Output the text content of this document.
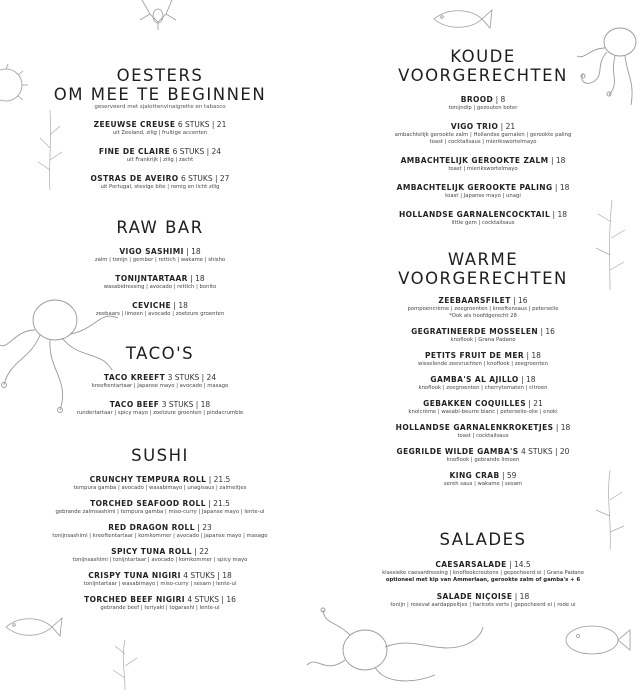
OESTERS
OM MEE TE BEGINNEN
geserveerd met sjalottenvinaigrette en tabasco
ZEEUWSE CREUSE 6 STUKS | 21
uit Zeeland, zilig | fruitige accenten
FINE DE CLAIRE 6 STUKS | 24
uit Frankrijk | zilig | zacht
OSTRAS DE AVEIRO 6 STUKS | 27
uit Portugal, stevige bite | romig en licht zilig
RAW BAR
VIGO SASHIMI | 18
zalm | tonijn | gember | rettich | wakame | shisho
TONIJNTARTAAR | 18
wasabidressing | avocado | rettich | bonito
CEVICHE | 18
zeebaars | limoen | avocado | zoetzure groenten
TACO'S
TACO KREEFT 3 STUKS | 24
kreeftentartaar | Japanse mayo | avocado | masago
TACO BEEF 3 STUKS | 18
rundertartaar | spicy mayo | zoetzure groenten | pindacrumble
SUSHI
CRUNCHY TEMPURA ROLL | 21.5
tempura gamba | avocado | wasabimayo | unagisaus | zalmeitjes
TORCHED SEAFOOD ROLL | 21.5
gebrande zalmsashimi | tempura gamba | miso-curry | Japanse mayo | lente-ui
RED DRAGON ROLL | 23
tonijnsashimi | kreeftentartaar | komkommer | avocado | Japanse mayo | masago
SPICY TUNA ROLL | 22
tonijnsashimi | tonijntartaar | avocado | komkommer | spicy mayo
CRISPY TUNA NIGIRI 4 STUKS | 18
tonijntartaar | wasabimayo | miso-curry | sesam | lente-ui
TORCHED BEEF NIGIRI 4 STUKS | 16
gebrande beef | teriyaki | togarashi | lente-ui
KOUDE
VOORGERECHTEN
BROOD | 8
tonijndip | gezouten boter
VIGO TRIO | 21
ambachtelijk gerookte zalm | Hollandse garnalen | gerookte paling
toast | cocktailsaus | mierikswortelmayo
AMBACHTELIJK GEROOKTE ZALM | 18
toast | mierikswortelmayo
AMBACHTELIJK GEROOKTE PALING | 18
toast | Japanse mayo | unagi
HOLLANDSE GARNALENCOCKTAIL | 18
little gem | cocktailsaus
WARME
VOORGERECHTEN
ZEEBAARSFILET | 16
pompoencrème | zeegroenten | kreeftensaus | peterselie
*Ook als hoofdgerecht 28
GEGRATINEERDE MOSSELEN | 16
knoflook | Grana Padano
PETITS FRUIT DE MER | 18
wisselende zeevruchten | knoflook | zeegroenten
GAMBA'S AL AJILLO | 18
knoflook | zeegroenten | cherrytomaten | citroen
GEBAKKEN COQUILLES | 21
knolcrème | wasabi-beurre blanc | peterselie-olie | enoki
HOLLANDSE GARNALENKROKETJES | 18
toast | cocktailsaus
GEGRILDE WILDE GAMBA'S 4 STUKS | 20
knoflook | gebrande limoen
KING CRAB | 59
sereh saus | wakame | sesam
SALADES
CAESARSALADE | 14.5
klassieke caesardressing | knoflookcroutons | gepocheerd ei | Grana Padano
optioneel met kip van Ammerlaan, gerookte zalm of gamba's + 6
SALADE NIÇOISE | 18
tonijn | rosevał aardappeltjes | haricots verts | gepocheerd ei | rode ui
